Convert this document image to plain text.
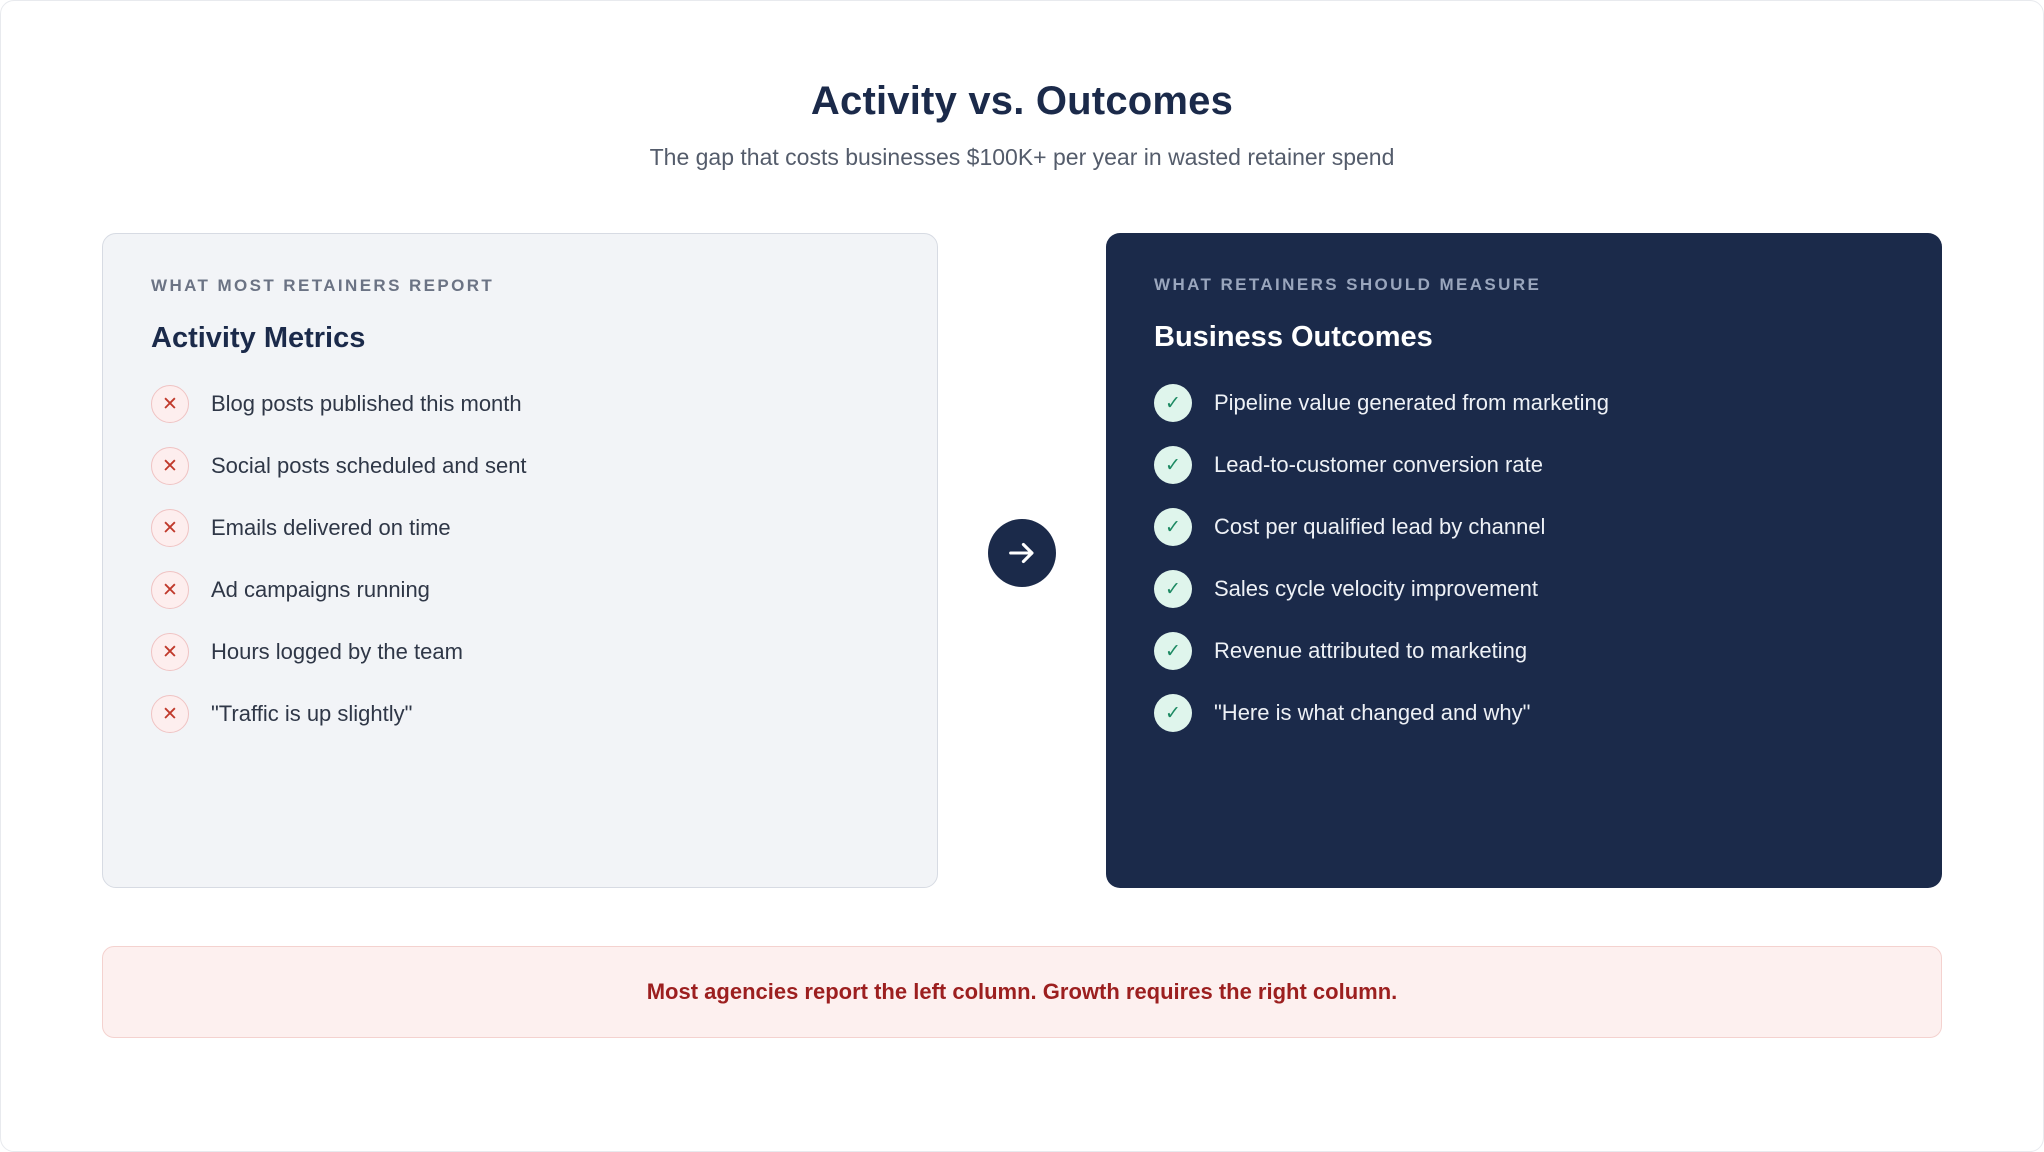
Activity vs. Outcomes

The gap that costs businesses $100K+ per year in wasted retainer spend

WHAT MOST RETAINERS REPORT
Activity Metrics
✕	Blog posts published this month
✕	Social posts scheduled and sent
✕	Emails delivered on time
✕	Ad campaigns running
✕	Hours logged by the team
✕	"Traffic is up slightly"
WHAT RETAINERS SHOULD MEASURE
Business Outcomes
✓	Pipeline value generated from marketing
✓	Lead-to-customer conversion rate
✓	Cost per qualified lead by channel
✓	Sales cycle velocity improvement
✓	Revenue attributed to marketing
✓	"Here is what changed and why"
Most agencies report the left column. Growth requires the right column.
